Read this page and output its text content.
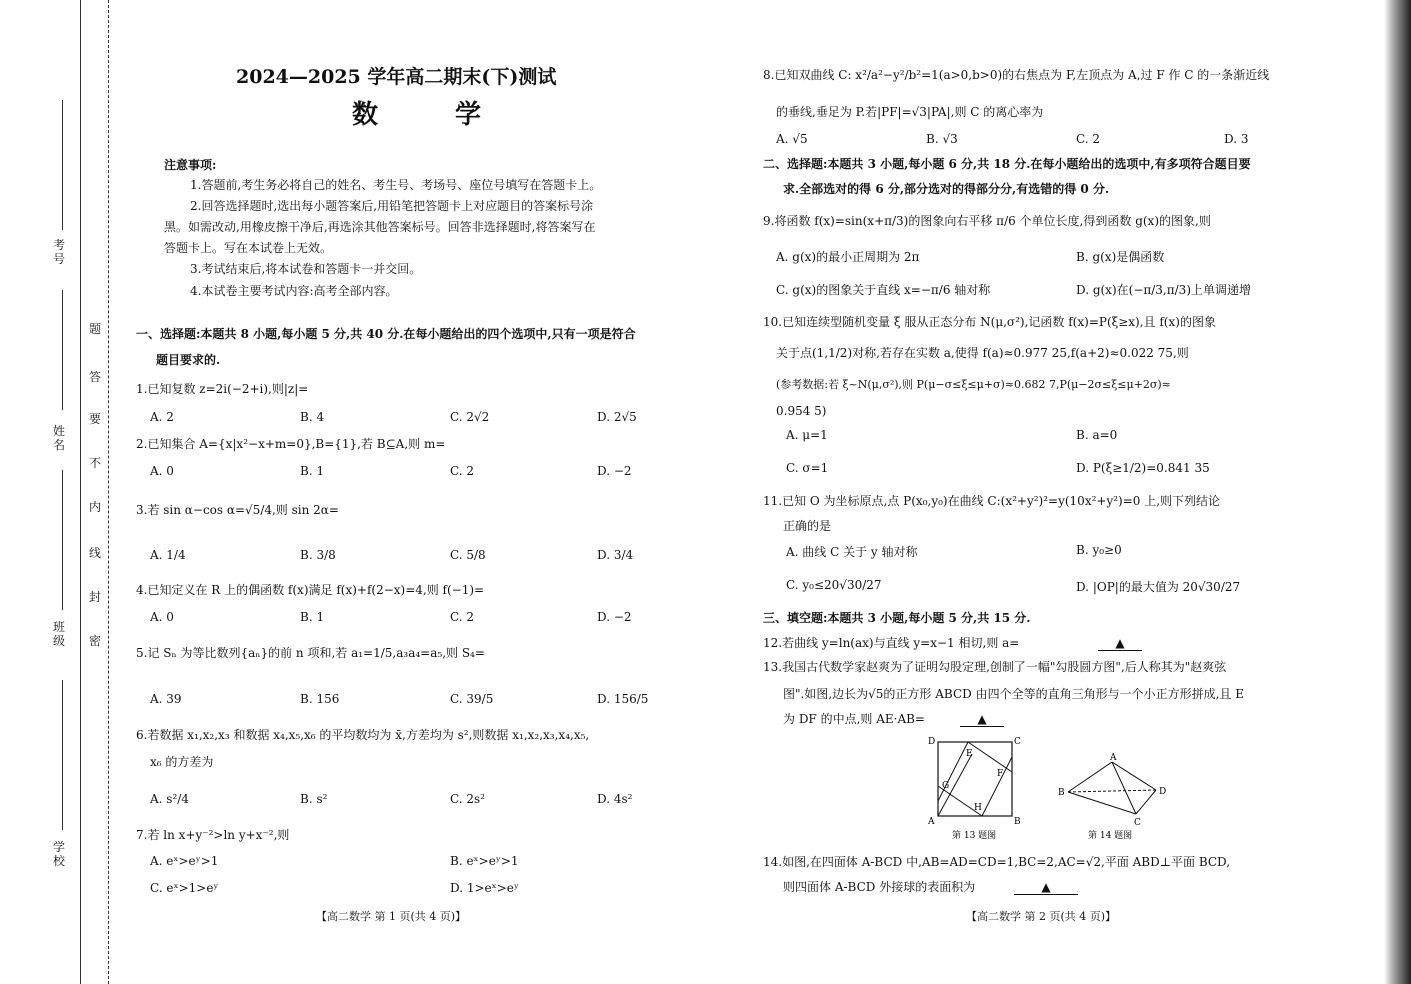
考号
姓名
班级
学校
题
答
要
不
内
线
封
密
2024—2025 学年高二期末(下)测试
数 学
注意事项:
1.答题前,考生务必将自己的姓名、考生号、考场号、座位号填写在答题卡上。
2.回答选择题时,选出每小题答案后,用铅笔把答题卡上对应题目的答案标号涂
黑。如需改动,用橡皮擦干净后,再选涂其他答案标号。回答非选择题时,将答案写在
答题卡上。写在本试卷上无效。
3.考试结束后,将本试卷和答题卡一并交回。
4.本试卷主要考试内容:高考全部内容。
一、选择题:本题共 8 小题,每小题 5 分,共 40 分.在每小题给出的四个选项中,只有一项是符合
题目要求的.
1.已知复数 z=2i(−2+i),则|z|=
A. 2	B. 4	C. 2√2	D. 2√5
2.已知集合 A={x|x²−x+m=0},B={1},若 B⊆A,则 m=
A. 0	B. 1	C. 2	D. −2
3.若 sin α−cos α=√5/4,则 sin 2α=
A. 1/4	B. 3/8	C. 5/8	D. 3/4
4.已知定义在 R 上的偶函数 f(x)满足 f(x)+f(2−x)=4,则 f(−1)=
A. 0	B. 1	C. 2	D. −2
5.记 Sₙ 为等比数列{aₙ}的前 n 项和,若 a₁=1/5,a₃a₄=a₅,则 S₄=
A. 39	B. 156	C. 39/5	D. 156/5
6.若数据 x₁,x₂,x₃ 和数据 x₄,x₅,x₆ 的平均数均为 x̄,方差均为 s²,则数据 x₁,x₂,x₃,x₄,x₅,
x₆ 的方差为
A. s²/4	B. s²	C. 2s²	D. 4s²
7.若 ln x+y⁻²>ln y+x⁻²,则
A. eˣ>eʸ>1	B. eˣ>eʸ>1
C. eˣ>1>eʸ	D. 1>eˣ>eʸ
【高二数学 第 1 页(共 4 页)】
8.已知双曲线 C: x²/a²−y²/b²=1(a>0,b>0)的右焦点为 F,左顶点为 A,过 F 作 C 的一条渐近线
的垂线,垂足为 P.若|PF|=√3|PA|,则 C 的离心率为
A. √5	B. √3	C. 2	D. 3
二、选择题:本题共 3 小题,每小题 6 分,共 18 分.在每小题给出的选项中,有多项符合题目要
求.全部选对的得 6 分,部分选对的得部分分,有选错的得 0 分.
9.将函数 f(x)=sin(x+π/3)的图象向右平移 π/6 个单位长度,得到函数 g(x)的图象,则
A. g(x)的最小正周期为 2π	B. g(x)是偶函数
C. g(x)的图象关于直线 x=−π/6 轴对称	D. g(x)在(−π/3,π/3)上单调递增
10.已知连续型随机变量 ξ 服从正态分布 N(μ,σ²),记函数 f(x)=P(ξ≥x),且 f(x)的图象
关于点(1,1/2)对称,若存在实数 a,使得 f(a)≈0.977 25,f(a+2)≈0.022 75,则
(参考数据:若 ξ~N(μ,σ²),则 P(μ−σ≤ξ≤μ+σ)≈0.682 7,P(μ−2σ≤ξ≤μ+2σ)≈
0.954 5)
A. μ=1	B. a=0
C. σ=1	D. P(ξ≥1/2)=0.841 35
11.已知 O 为坐标原点,点 P(x₀,y₀)在曲线 C:(x²+y²)²=y(10x²+y²)=0 上,则下列结论
正确的是
A. 曲线 C 关于 y 轴对称	B. y₀≥0
C. y₀≤20√30/27	D. |OP|的最大值为 20√30/27
三、填空题:本题共 3 小题,每小题 5 分,共 15 分.
12.若曲线 y=ln(ax)与直线 y=x−1 相切,则 a=	▲
13.我国古代数学家赵爽为了证明勾股定理,创制了一幅"勾股圆方图",后人称其为"赵爽弦
图".如图,边长为√5的正方形 ABCD 由四个全等的直角三角形与一个小正方形拼成,且 E
为 DF 的中点,则 AE·AB=	▲
D	C
E
F
G
H
A	B
第 13 题图
A
B	D
C
第 14 题图
14.如图,在四面体 A-BCD 中,AB=AD=CD=1,BC=2,AC=√2,平面 ABD⊥平面 BCD,
则四面体 A-BCD 外接球的表面积为	▲
【高二数学 第 2 页(共 4 页)】
